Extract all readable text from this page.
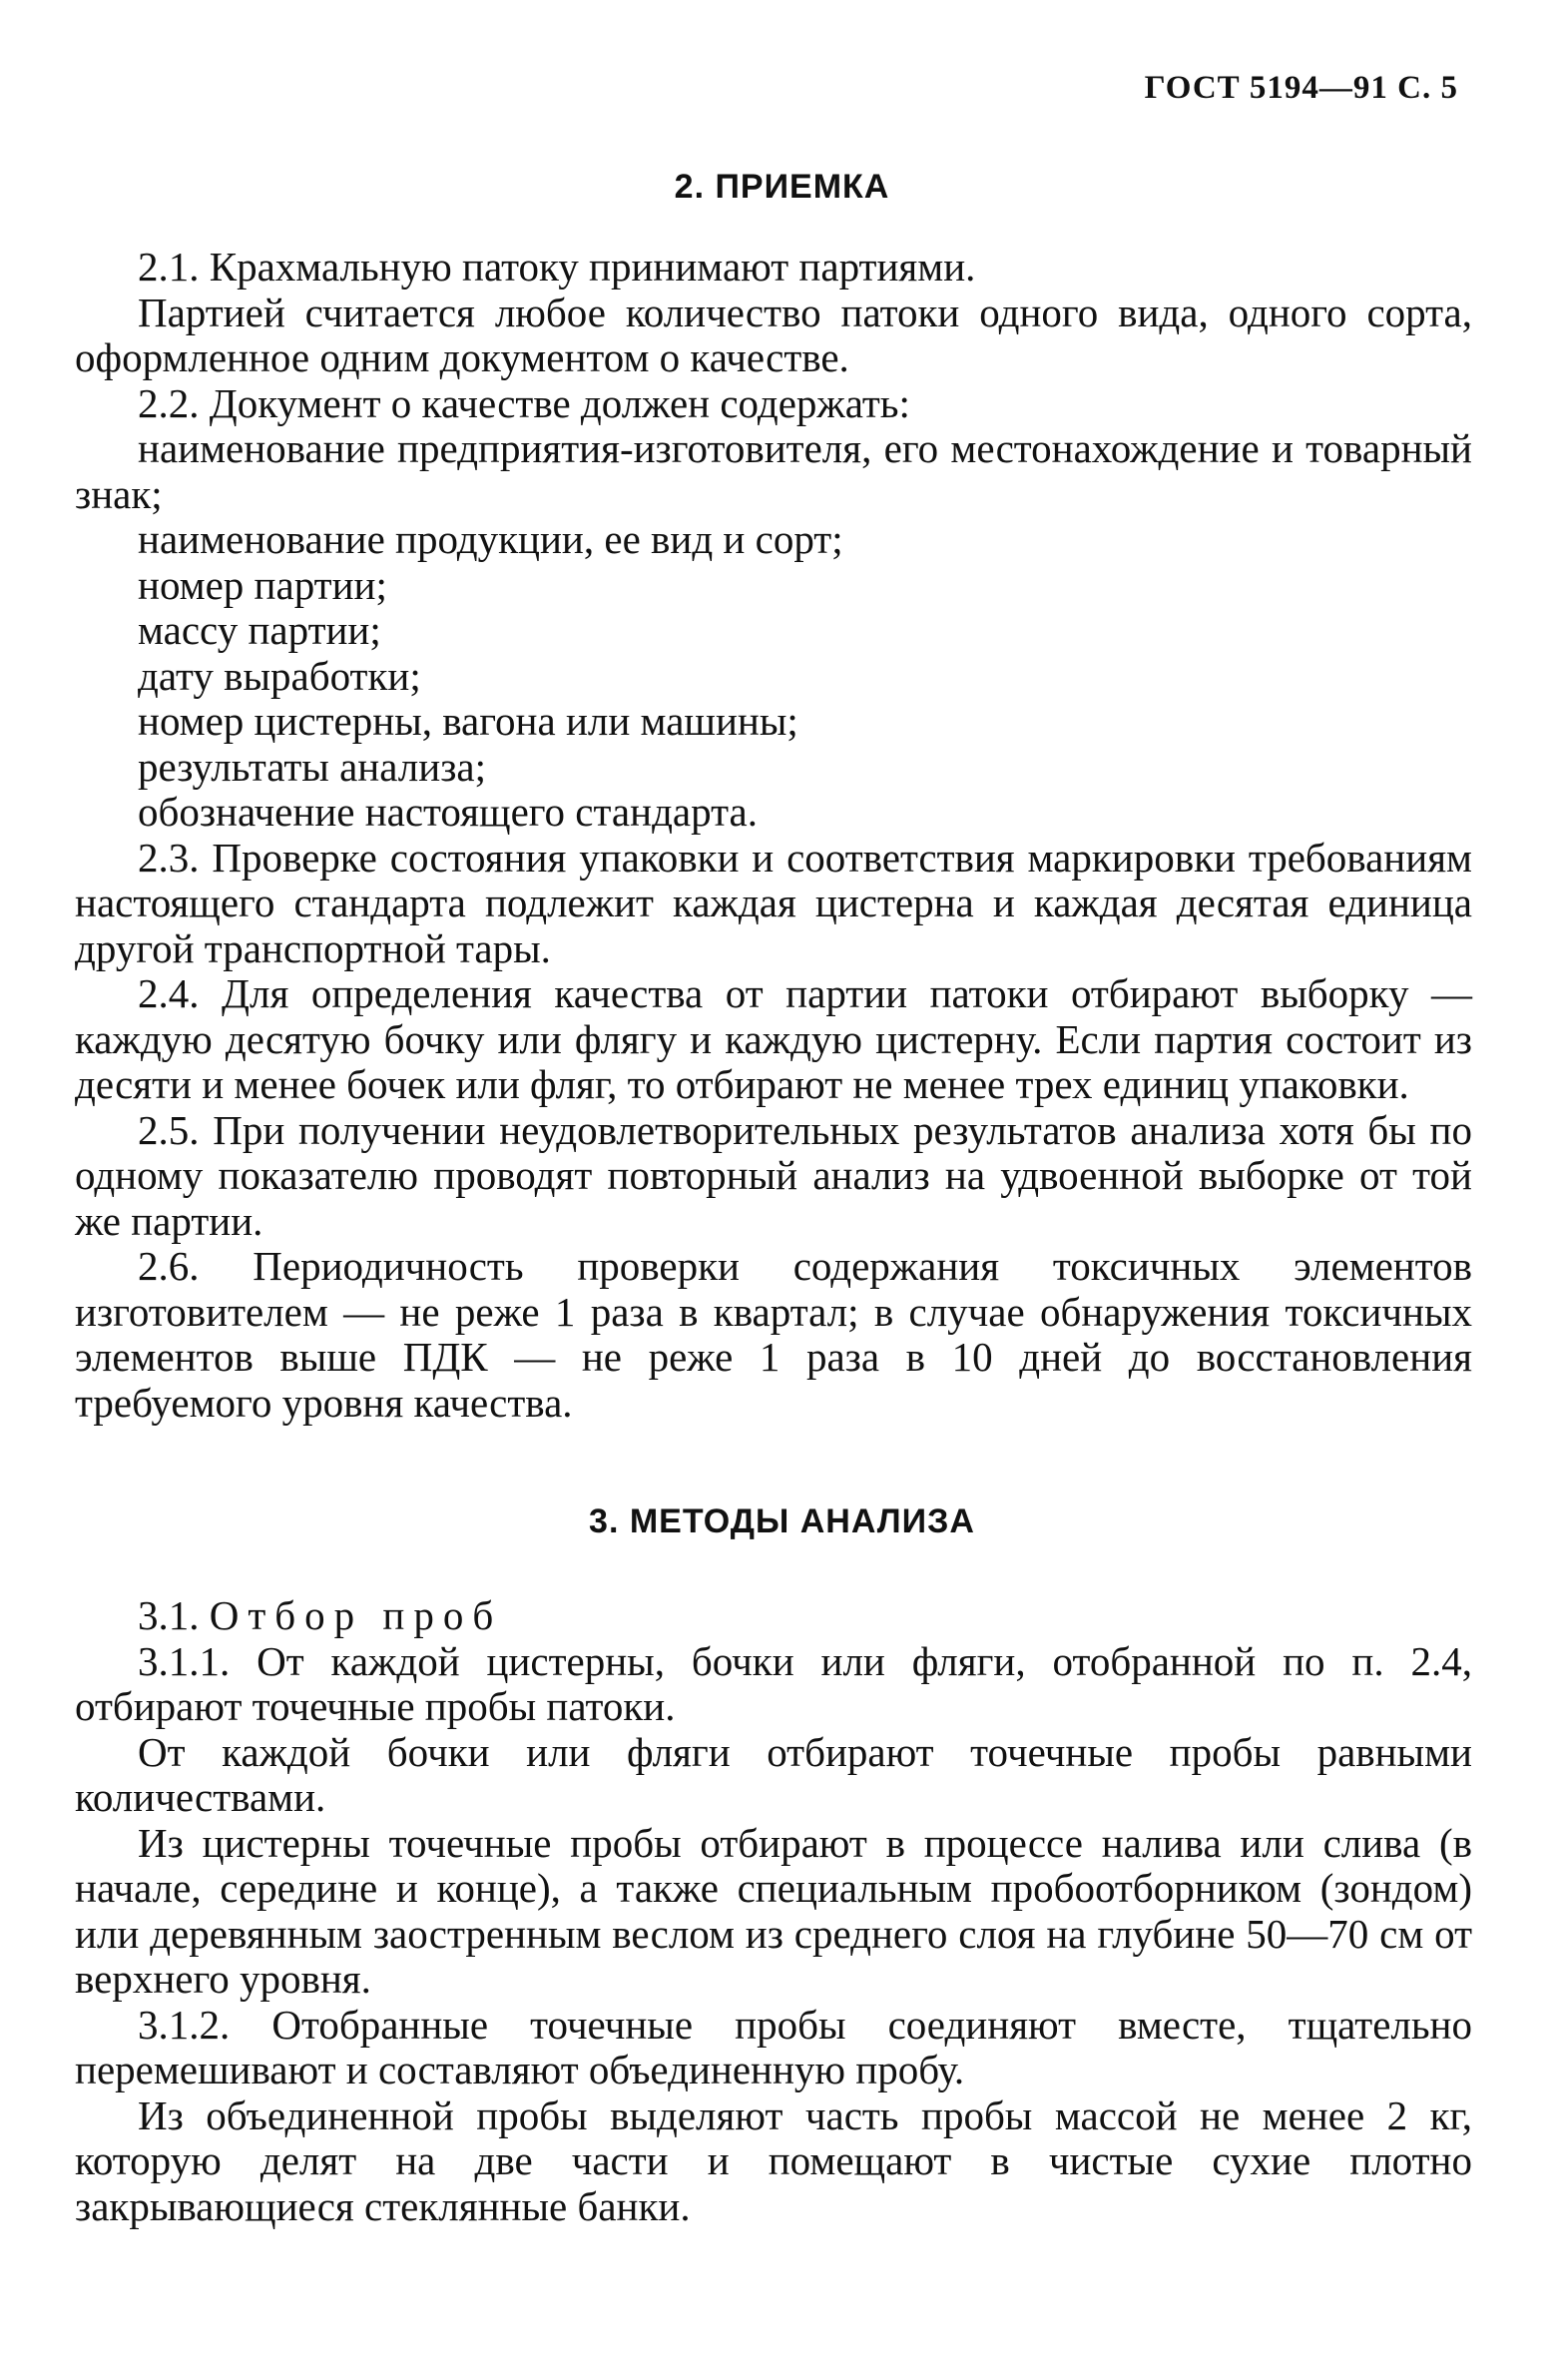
ГОСТ 5194—91 С. 5
2. ПРИЕМКА

2.1. Крахмальную патоку принимают партиями.

Партией считается любое количество патоки одного вида, одного сорта, оформленное одним документом о качестве.

2.2. Документ о качестве должен содержать:

наименование предприятия-изготовителя, его местонахождение и товарный знак;

наименование продукции, ее вид и сорт;

номер партии;

массу партии;

дату выработки;

номер цистерны, вагона или машины;

результаты анализа;

обозначение настоящего стандарта.

2.3. Проверке состояния упаковки и соответствия маркировки требованиям настоящего стандарта подлежит каждая цистерна и каждая десятая единица другой транспортной тары.

2.4. Для определения качества от партии патоки отбирают выборку — каждую десятую бочку или флягу и каждую цистерну. Если партия состоит из десяти и менее бочек или фляг, то отбирают не менее трех единиц упаковки.

2.5. При получении неудовлетворительных результатов анализа хотя бы по одному показателю проводят повторный анализ на удвоенной выборке от той же партии.

2.6. Периодичность проверки содержания токсичных элементов изготовителем — не реже 1 раза в квартал; в случае обнаружения токсичных элементов выше ПДК — не реже 1 раза в 10 дней до восстановления требуемого уровня качества.

3. МЕТОДЫ АНАЛИЗА

3.1. Отбор проб

3.1.1. От каждой цистерны, бочки или фляги, отобранной по п. 2.4, отбирают точечные пробы патоки.

От каждой бочки или фляги отбирают точечные пробы равными количествами.

Из цистерны точечные пробы отбирают в процессе налива или слива (в начале, середине и конце), а также специальным пробоотборником (зондом) или деревянным заостренным веслом из среднего слоя на глубине 50—70 см от верхнего уровня.

3.1.2. Отобранные точечные пробы соединяют вместе, тщательно перемешивают и составляют объединенную пробу.

Из объединенной пробы выделяют часть пробы массой не менее 2 кг, которую делят на две части и помещают в чистые сухие плотно закрывающиеся стеклянные банки.
